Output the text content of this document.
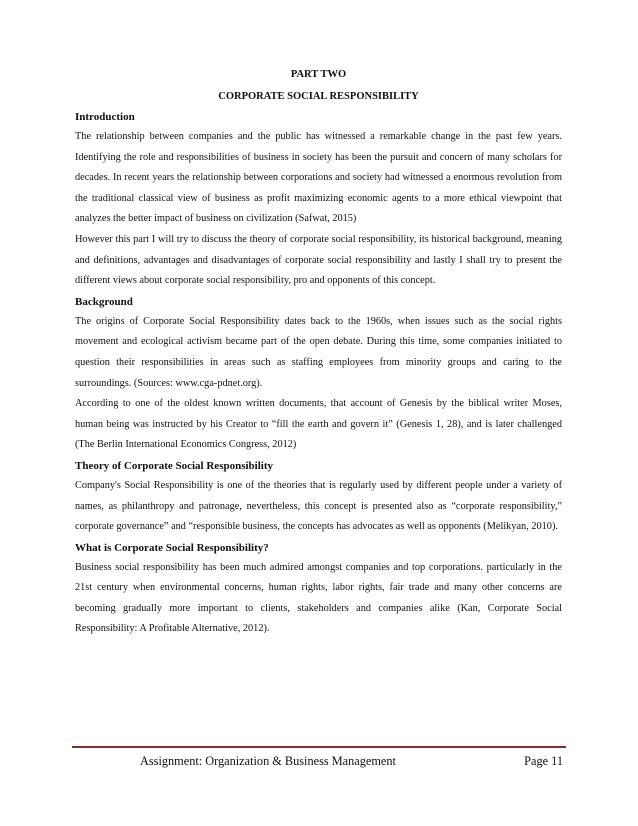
PART TWO
CORPORATE SOCIAL RESPONSIBILITY
Introduction

The relationship between companies and the public has witnessed a remarkable change in the past few years. Identifying the role and responsibilities of business in society has been the pursuit and concern of many scholars for decades. In recent years the relationship between corporations and society had witnessed a enormous revolution from the traditional classical view of business as profit maximizing economic agents to a more ethical viewpoint that analyzes the better impact of business on civilization (Safwat, 2015)

However this part I will try to discuss the theory of corporate social responsibility, its historical background, meaning and definitions, advantages and disadvantages of corporate social responsibility and lastly I shall try to present the different views about corporate social responsibility, pro and opponents of this concept.

Background

The origins of Corporate Social Responsibility dates back to the 1960s, when issues such as the social rights movement and ecological activism became part of the open debate. During this time, some companies initiated to question their responsibilities in areas such as staffing employees from minority groups and caring to the surroundings. (Sources: www.cga-pdnet.org).

According to one of the oldest known written documents, that account of Genesis by the biblical writer Moses, human being was instructed by his Creator to “fill the earth and govern it” (Genesis 1, 28), and is later challenged (The Berlin International Economics Congress, 2012)

Theory of Corporate Social Responsibility

Company's Social Responsibility is one of the theories that is regularly used by different people under a variety of names, as philanthropy and patronage, nevertheless, this concept is presented also as “corporate responsibility,” corporate governance” and “responsible business, the concepts has advocates as well as opponents (Melikyan, 2010).

What is Corporate Social Responsibility?

Business social responsibility has been much admired amongst companies and top corporations. particularly in the 21st century when environmental concerns, human rights, labor rights, fair trade and many other concerns are becoming gradually more important to clients, stakeholders and companies alike (Kan, Corporate Social Responsibility: A Profitable Alternative, 2012).

Assignment: Organization & Business Management	Page 11
